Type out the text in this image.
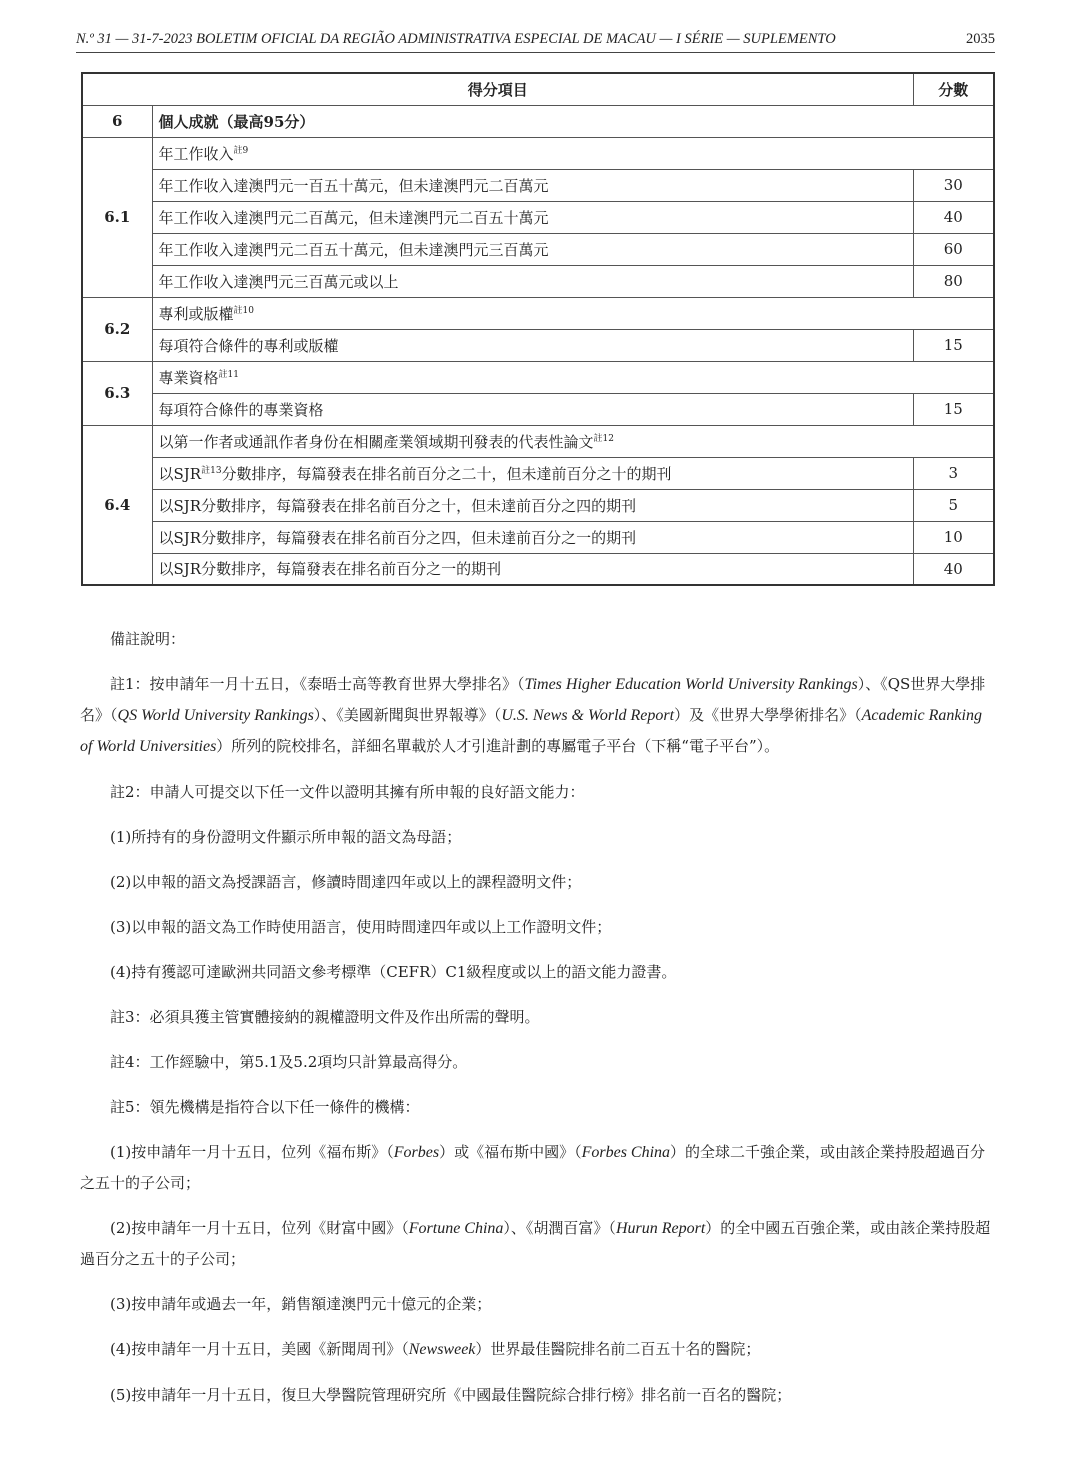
N.º 31 — 31-7-2023 BOLETIM OFICIAL DA REGIÃO ADMINISTRATIVA ESPECIAL DE MACAU — I SÉRIE — SUPLEMENTO	2035
得分項目		分數
6	個人成就（最高95分）	
6.1	年工作收入$^{註9}$
	年工作收入達澳門元一百五十萬元，但未達澳門元二百萬元	30
	年工作收入達澳門元二百萬元，但未達澳門元二百五十萬元	40
	年工作收入達澳門元二百五十萬元，但未達澳門元三百萬元	60
	年工作收入達澳門元三百萬元或以上	80
6.2	專利或版權$^{註10}$
	每項符合條件的專利或版權	15
6.3	專業資格$^{註11}$
	每項符合條件的專業資格	15
6.4	以第一作者或通訊作者身份在相關產業領域期刊發表的代表性論文$^{註12}$
	以SJR$^{註13}$分數排序，每篇發表在排名前百分之二十，但未達前百分之十的期刊	3
	以SJR分數排序，每篇發表在排名前百分之十，但未達前百分之四的期刊	5
	以SJR分數排序，每篇發表在排名前百分之四，但未達前百分之一的期刊	10
	以SJR分數排序，每篇發表在排名前百分之一的期刊	40

備註說明：

註1：按申請年一月十五日，《泰晤士高等教育世界大學排名》（Times Higher Education World University Rankings）、《QS世界大學排名》（QS World University Rankings）、《美國新聞與世界報導》（U.S. News & World Report）及《世界大學學術排名》（Academic Ranking of World Universities）所列的院校排名，詳細名單載於人才引進計劃的專屬電子平台（下稱“電子平台”）。

註2：申請人可提交以下任一文件以證明其擁有所申報的良好語文能力：

(1)所持有的身份證明文件顯示所申報的語文為母語；

(2)以申報的語文為授課語言，修讀時間達四年或以上的課程證明文件；

(3)以申報的語文為工作時使用語言，使用時間達四年或以上工作證明文件；

(4)持有獲認可達歐洲共同語文參考標準（CEFR）C1級程度或以上的語文能力證書。

註3：必須具獲主管實體接納的親權證明文件及作出所需的聲明。

註4：工作經驗中，第5.1及5.2項均只計算最高得分。

註5：領先機構是指符合以下任一條件的機構：

(1)按申請年一月十五日，位列《福布斯》（Forbes）或《福布斯中國》（Forbes China）的全球二千強企業，或由該企業持股超過百分之五十的子公司；

(2)按申請年一月十五日，位列《財富中國》（Fortune China）、《胡潤百富》（Hurun Report）的全中國五百強企業，或由該企業持股超過百分之五十的子公司；

(3)按申請年或過去一年，銷售額達澳門元十億元的企業；

(4)按申請年一月十五日，美國《新聞周刊》（Newsweek）世界最佳醫院排名前二百五十名的醫院；

(5)按申請年一月十五日，復旦大學醫院管理研究所《中國最佳醫院綜合排行榜》排名前一百名的醫院；
